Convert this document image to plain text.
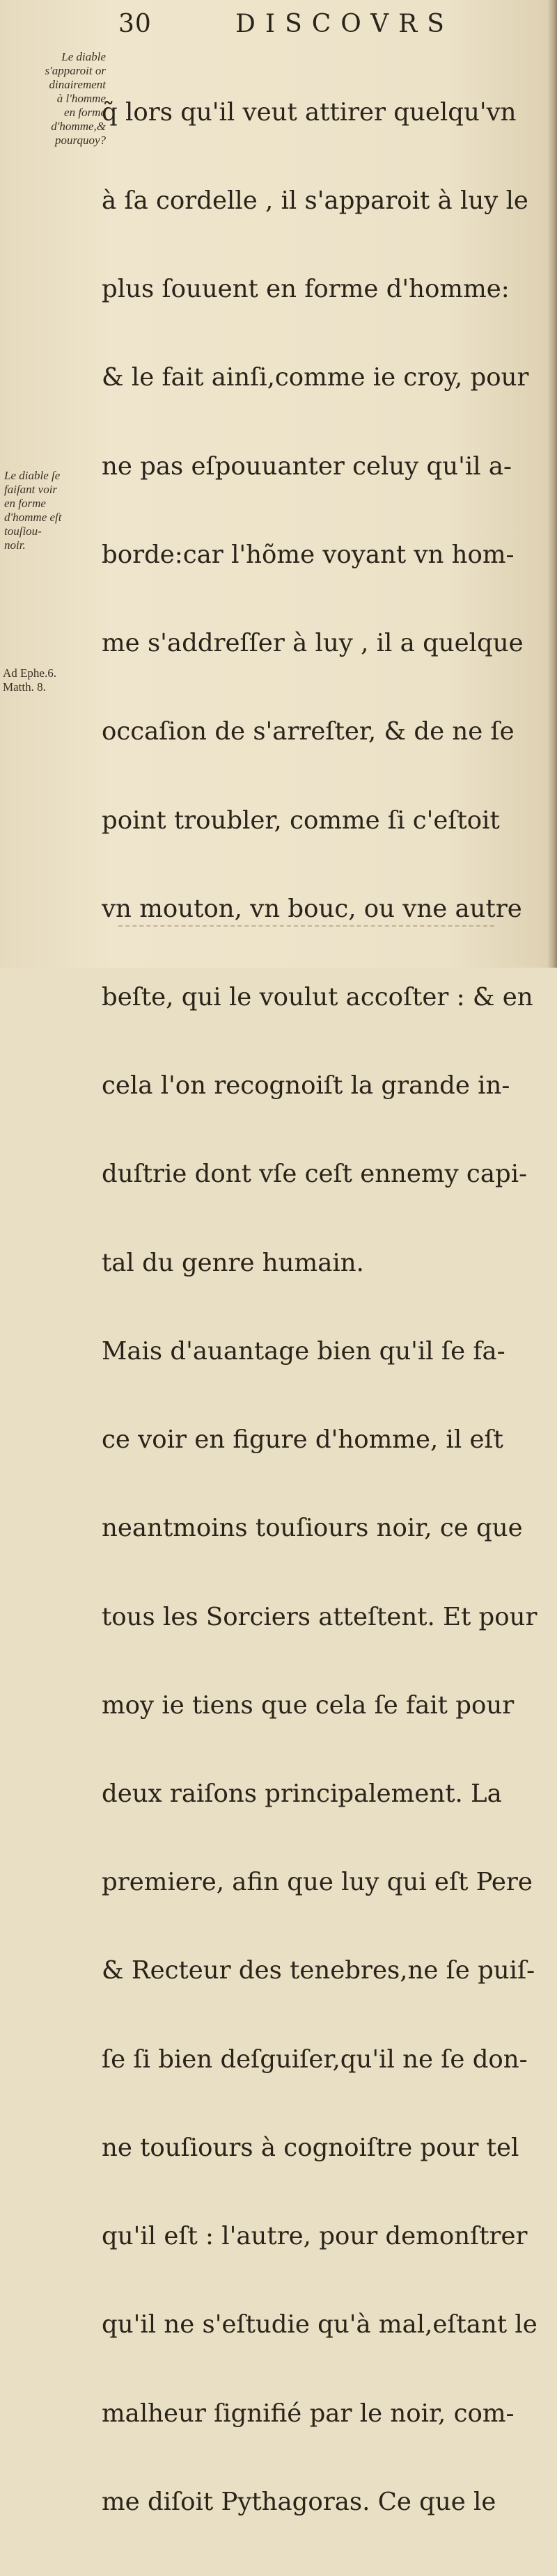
30	DISCOVRS
Le diable
s'apparoit or
dinairement
à l'homme
en forme
d'homme,&
pourquoy?
Le diable ſe
faiſant voir
en forme
d'homme eſt
touſiou-
noir.
Ad Ephe.6.
Matth. 8.

q̃ lors qu'il veut attirer quelqu'vn

à ſa cordelle , il s'apparoit à luy le

plus ſouuent en forme d'homme:

& le fait ainſi,comme ie croy, pour

ne pas eſpouuanter celuy qu'il a-

borde:car l'hõme voyant vn hom-

me s'addreſſer à luy , il a quelque

occaſion de s'arreſter, & de ne ſe

point troubler, comme ſi c'eſtoit

vn mouton, vn bouc, ou vne autre

beſte, qui le voulut accoſter : & en

cela l'on recognoiſt la grande in-

duſtrie dont vſe ceſt ennemy capi-

tal du genre humain.

Mais d'auantage bien qu'il ſe fa-

ce voir en figure d'homme, il eſt

neantmoins touſiours noir, ce que

tous les Sorciers atteſtent. Et pour

moy ie tiens que cela ſe fait pour

deux raiſons principalement. La

premiere, afin que luy qui eſt Pere

& Recteur des tenebres,ne ſe puiſ-

ſe ſi bien deſguiſer,qu'il ne ſe don-

ne touſiours à cognoiſtre pour tel

qu'il eſt : l'autre, pour demonſtrer

qu'il ne s'eſtudie qu'à mal,eſtant le

malheur ſignifié par le noir, com-

me diſoit Pythagoras. Ce que le
